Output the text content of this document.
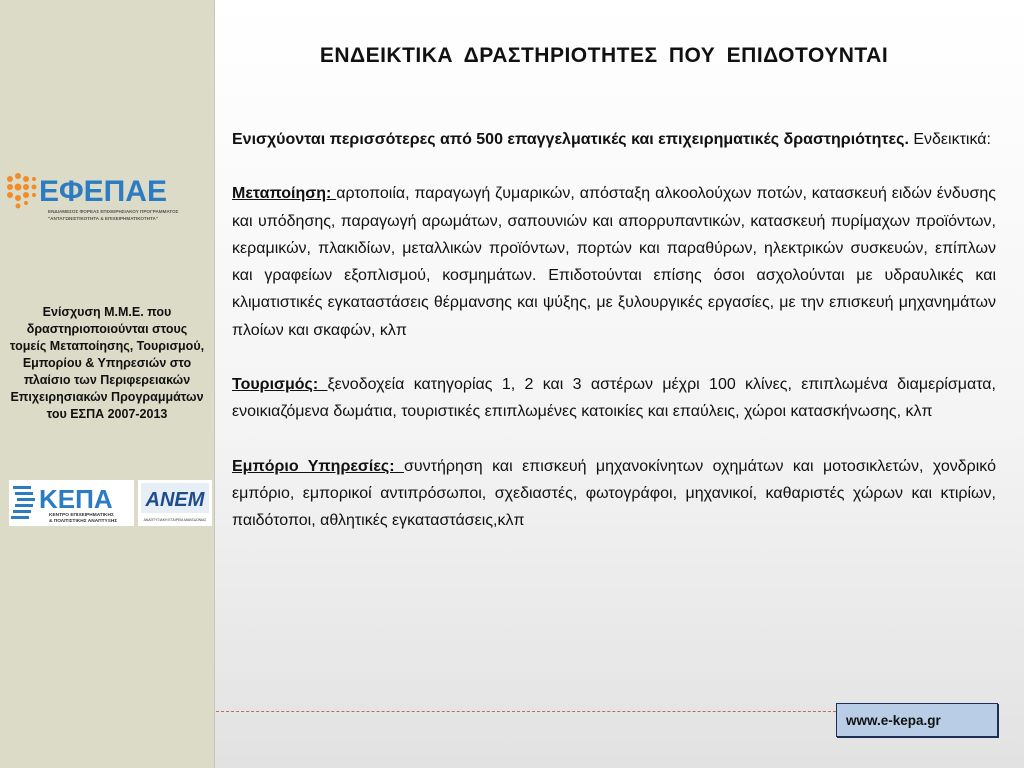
ΕΦΕΠΑΕ
ΕΝΔΙΑΜΕΣΟΣ ΦΟΡΕΑΣ ΕΠΙΧΕΙΡΗΣΙΑΚΟΥ ΠΡΟΓΡΑΜΜΑΤΟΣ
"ΑΝΤΑΓΩΝΙΣΤΙΚΟΤΗΤΑ & ΕΠΙΧΕΙΡΗΜΑΤΙΚΟΤΗΤΑ"
Ενίσχυση Μ.Μ.Ε. που δραστηριοποιούνται στους τομείς Μεταποίησης, Τουρισμού, Εμπορίου & Υπηρεσιών στο πλαίσιο των Περιφερειακών Επιχειρησιακών Προγραμμάτων του ΕΣΠΑ 2007-2013
ΚΕΠΑ
ΚΕΝΤΡΟ ΕΠΙΧΕΙΡΗΜΑΤΙΚΗΣ
& ΠΟΛΙΤΙΣΤΙΚΗΣ ΑΝΑΠΤΥΞΗΣ
ΑΝΕΜ
ΑΝΑΠΤΥΞΙΑΚΗ ΕΤΑΙΡΕΙΑ ΜΑΚΕΔΟΝΙΑΣ
ΕΝΔΕΙΚΤΙΚΑ ΔΡΑΣΤΗΡΙΟΤΗΤΕΣ ΠΟΥ ΕΠΙΔΟΤΟΥΝΤΑΙ

Ενισχύονται περισσότερες από 500 επαγγελματικές και επιχειρηματικές δραστηριότητες. Ενδεικτικά:

Μεταποίηση: αρτοποιία, παραγωγή ζυμαρικών, απόσταξη αλκοολούχων ποτών, κατασκευή ειδών ένδυσης και υπόδησης, παραγωγή αρωμάτων, σαπουνιών και απορρυπαντικών, κατασκευή πυρίμαχων προϊόντων, κεραμικών, πλακιδίων, μεταλλικών προϊόντων, πορτών και παραθύρων, ηλεκτρικών συσκευών, επίπλων και γραφείων εξοπλισμού, κοσμημάτων. Επιδοτούνται επίσης όσοι ασχολούνται με υδραυλικές και κλιματιστικές εγκαταστάσεις θέρμανσης και ψύξης, με ξυλουργικές εργασίες, με την επισκευή μηχανημάτων πλοίων και σκαφών, κλπ

Τουρισμός: ξενοδοχεία κατηγορίας 1, 2 και 3 αστέρων μέχρι 100 κλίνες, επιπλωμένα διαμερίσματα, ενοικιαζόμενα δωμάτια, τουριστικές επιπλωμένες κατοικίες και επαύλεις, χώροι κατασκήνωσης, κλπ

Εμπόριο Υπηρεσίες: συντήρηση και επισκευή μηχανοκίνητων οχημάτων και μοτοσικλετών, χονδρικό εμπόριο, εμπορικοί αντιπρόσωποι, σχεδιαστές, φωτογράφοι, μηχανικοί, καθαριστές χώρων και κτιρίων, παιδότοποι, αθλητικές εγκαταστάσεις,κλπ

www.e-kepa.gr
